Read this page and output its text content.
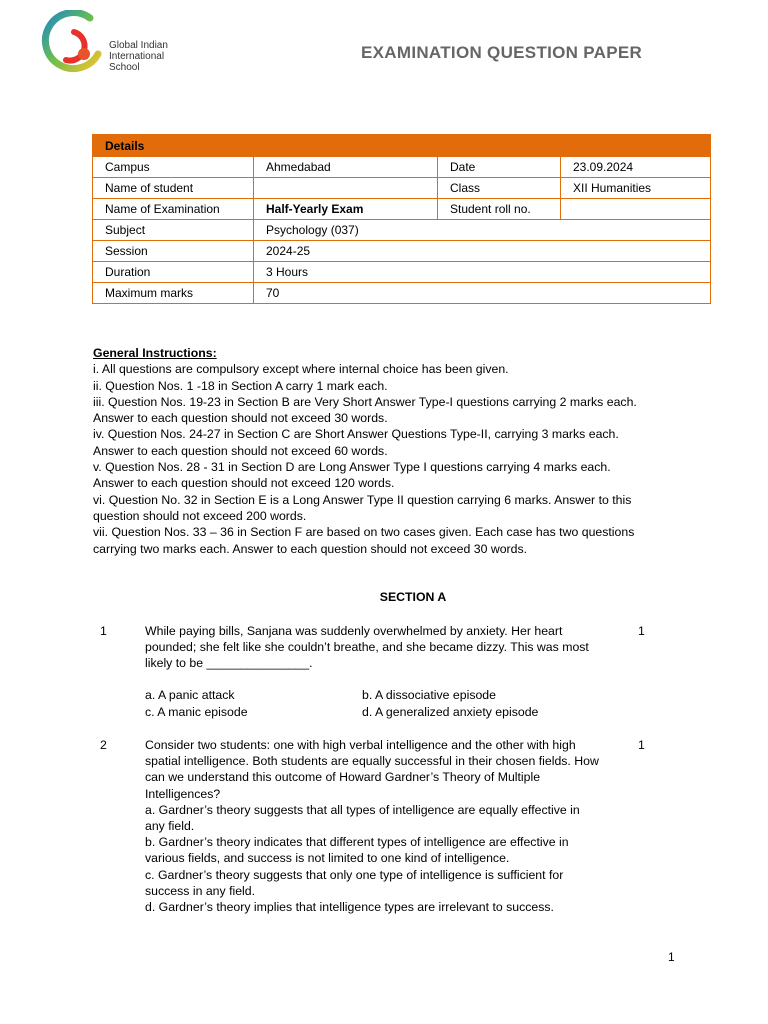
Global Indian
International
School
EXAMINATION QUESTION PAPER
Details			
Campus	Ahmedabad	Date	23.09.2024
Name of student		Class	XII Humanities
Name of Examination	Half-Yearly Exam	Student roll no.	
Subject	Psychology (037)		
Session	2024-25		
Duration	3 Hours		
Maximum marks	70		
General Instructions:
i. All questions are compulsory except where internal choice has been given.
ii. Question Nos. 1 -18 in Section A carry 1 mark each.
iii. Question Nos. 19-23 in Section B are Very Short Answer Type-I questions carrying 2 marks each.
Answer to each question should not exceed 30 words.
iv. Question Nos. 24-27 in Section C are Short Answer Questions Type-II, carrying 3 marks each.
Answer to each question should not exceed 60 words.
v. Question Nos. 28 - 31 in Section D are Long Answer Type I questions carrying 4 marks each.
Answer to each question should not exceed 120 words.
vi. Question No. 32 in Section E is a Long Answer Type II question carrying 6 marks. Answer to this
question should not exceed 200 words.
vii. Question Nos. 33 – 36 in Section F are based on two cases given. Each case has two questions
carrying two marks each. Answer to each question should not exceed 30 words.
SECTION A
1	While paying bills, Sanjana was suddenly overwhelmed by anxiety. Her heart
pounded; she felt like she couldn’t breathe, and she became dizzy. This was most
likely to be _______________.
1
a. A panic attack	b. A dissociative episode
c. A manic episode	d. A generalized anxiety episode
2	Consider two students: one with high verbal intelligence and the other with high
spatial intelligence. Both students are equally successful in their chosen fields. How
can we understand this outcome of Howard Gardner’s Theory of Multiple
Intelligences?
a. Gardner’s theory suggests that all types of intelligence are equally effective in
any field.
b. Gardner’s theory indicates that different types of intelligence are effective in
various fields, and success is not limited to one kind of intelligence.
c. Gardner’s theory suggests that only one type of intelligence is sufficient for
success in any field.
d. Gardner’s theory implies that intelligence types are irrelevant to success.
1
1
